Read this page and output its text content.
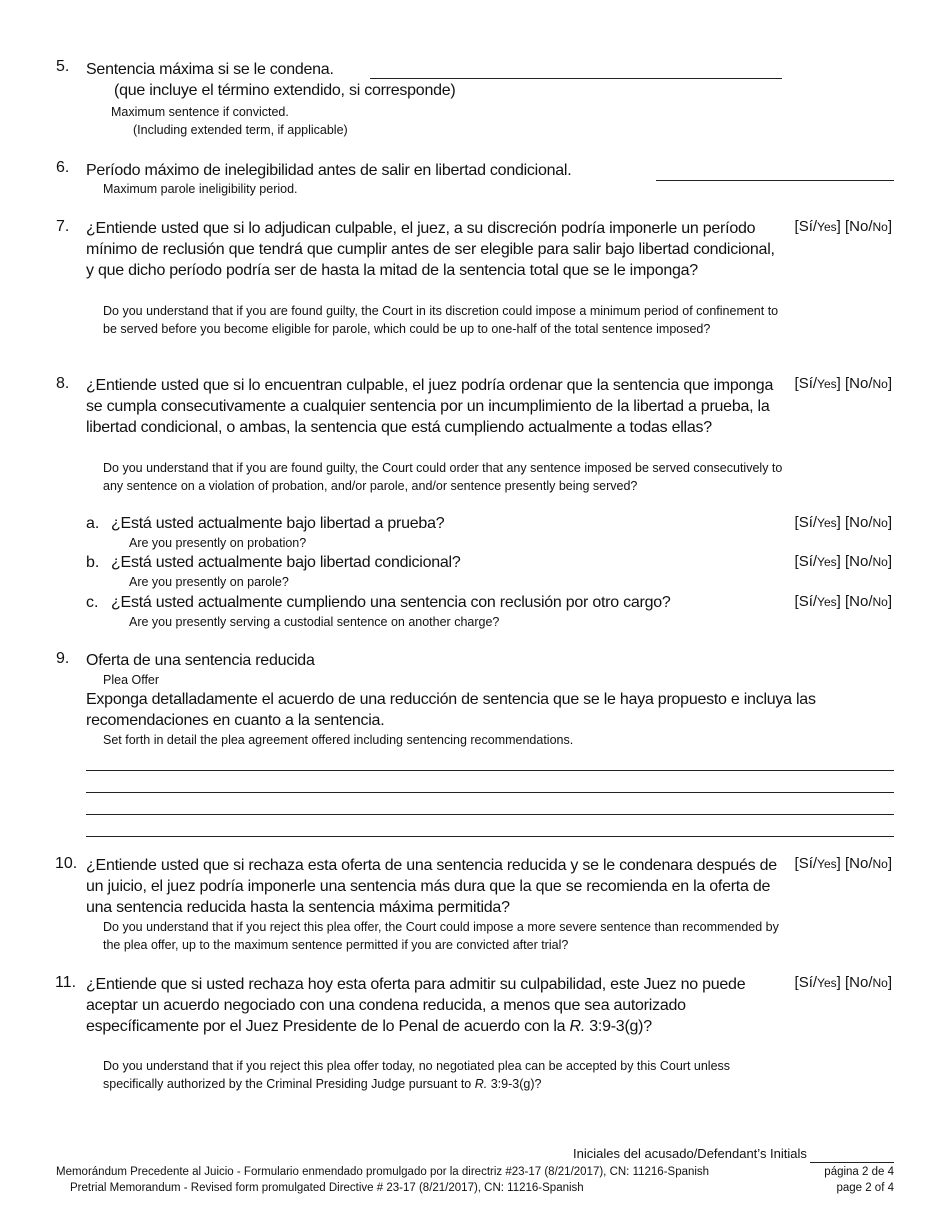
5. Sentencia máxima si se le condena.
(que incluye el término extendido, si corresponde)
Maximum sentence if convicted.
(Including extended term, if applicable)
6. Período máximo de inelegibilidad antes de salir en libertad condicional.
Maximum parole ineligibility period.
7. ¿Entiende usted que si lo adjudican culpable, el juez, a su discreción podría imponerle un período mínimo de reclusión que tendrá que cumplir antes de ser elegible para salir bajo libertad condicional, y que dicho período podría ser de hasta la mitad de la sentencia total que se le imponga?
[Sí/Yes] [No/No]
Do you understand that if you are found guilty, the Court in its discretion could impose a minimum period of confinement to be served before you become eligible for parole, which could be up to one-half of the total sentence imposed?
8. ¿Entiende usted que si lo encuentran culpable, el juez podría ordenar que la sentencia que imponga se cumpla consecutivamente a cualquier sentencia por un incumplimiento de la libertad a prueba, la libertad condicional, o ambas, la sentencia que está cumpliendo actualmente a todas ellas?
[Sí/Yes] [No/No]
Do you understand that if you are found guilty, the Court could order that any sentence imposed be served consecutively to any sentence on a violation of probation, and/or parole, and/or sentence presently being served?
a. ¿Está usted actualmente bajo libertad a prueba?	[Sí/Yes] [No/No]
Are you presently on probation?
b. ¿Está usted actualmente bajo libertad condicional?	[Sí/Yes] [No/No]
Are you presently on parole?
c. ¿Está usted actualmente cumpliendo una sentencia con reclusión por otro cargo?	[Sí/Yes] [No/No]
Are you presently serving a custodial sentence on another charge?
9. Oferta de una sentencia reducida
Plea Offer
Exponga detalladamente el acuerdo de una reducción de sentencia que se le haya propuesto e incluya las recomendaciones en cuanto a la sentencia.
Set forth in detail the plea agreement offered including sentencing recommendations.
10. ¿Entiende usted que si rechaza esta oferta de una sentencia reducida y se le condenara después de un juicio, el juez podría imponerle una sentencia más dura que la que se recomienda en la oferta de una sentencia reducida hasta la sentencia máxima permitida?
[Sí/Yes] [No/No]
Do you understand that if you reject this plea offer, the Court could impose a more severe sentence than recommended by the plea offer, up to the maximum sentence permitted if you are convicted after trial?
11. ¿Entiende que si usted rechaza hoy esta oferta para admitir su culpabilidad, este Juez no puede aceptar un acuerdo negociado con una condena reducida, a menos que sea autorizado específicamente por el Juez Presidente de lo Penal de acuerdo con la R. 3:9-3(g)?
[Sí/Yes] [No/No]
Do you understand that if you reject this plea offer today, no negotiated plea can be accepted by this Court unless specifically authorized by the Criminal Presiding Judge pursuant to R. 3:9-3(g)?
Iniciales del acusado/Defendant’s Initials
Memorándum Precedente al Juicio - Formulario enmendado promulgado por la directriz #23-17 (8/21/2017), CN: 11216-Spanish
Pretrial Memorandum - Revised form promulgated Directive # 23-17 (8/21/2017), CN: 11216-Spanish
página 2 de 4
page 2 of 4
